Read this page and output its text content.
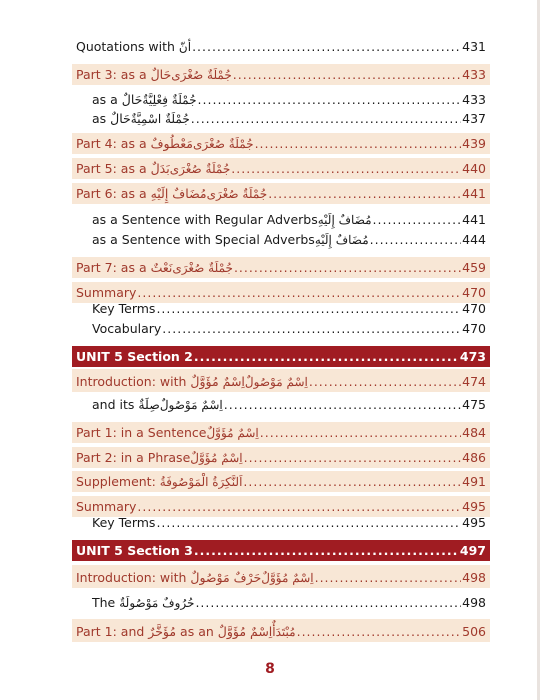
Quotations with أنّ .....	431
Part 3: as a حَالٌجُمْلَةٌ صُغْرَى .....	433
as a حَالٌجُمْلَةٌ فِعْلِيَّةٌ .....	433
as حَالٌجُمْلَةٌ اسْمِيَّةٌ .....	437
Part 4: as a مَعْطُوفٌجُمْلَةٌ صُغْرَى .....	439
Part 5: as a بَدَلٌجُمْلَةٌ صُغْرَى .....	440
Part 6: as a مُضَافٌ إِلَيْهِجُمْلَةٌ صُغْرَى .....	441
as a Sentence with Regular Adverbsمُضَافٌ إِلَيْهِ .....	441
as a Sentence with Special Adverbsمُضَافٌ إِلَيْهِ .....	444
Part 7: as a نَعْتٌجُمْلَةٌ صُغْرَى .....	459
Summary .....	470
Key Terms .....	470
Vocabulary .....	470
UNIT 5 Section 2 .....	473
Introduction: with اِسْمٌ مُؤَوَّلٌاِسْمٌ مَوْصُولٌ .....	474
and its صِلَةٌاِسْمٌ مَوْصُولٌ .....	475
Part 1: in a Sentenceاِسْمٌ مُؤَوَّلٌ .....	484
Part 2: in a Phraseاِسْمٌ مُؤَوَّلٌ .....	486
Supplement: اَلنَّكِرَةُ الْمَوْصُوفَةُ .....	491
Summary .....	495
Key Terms .....	495
UNIT 5 Section 3 .....	497
Introduction: with حَرْفٌ مَوْصُولٌاِسْمٌ مُؤَوَّلٌ .....	498
The حُرُوفٌ مَوْصُولَةٌ .....	498
Part 1: and مُؤَخَّرٌ as an اِسْمٌ مُؤَوَّلٌمُبْتَدَأٌ .....	506
8
